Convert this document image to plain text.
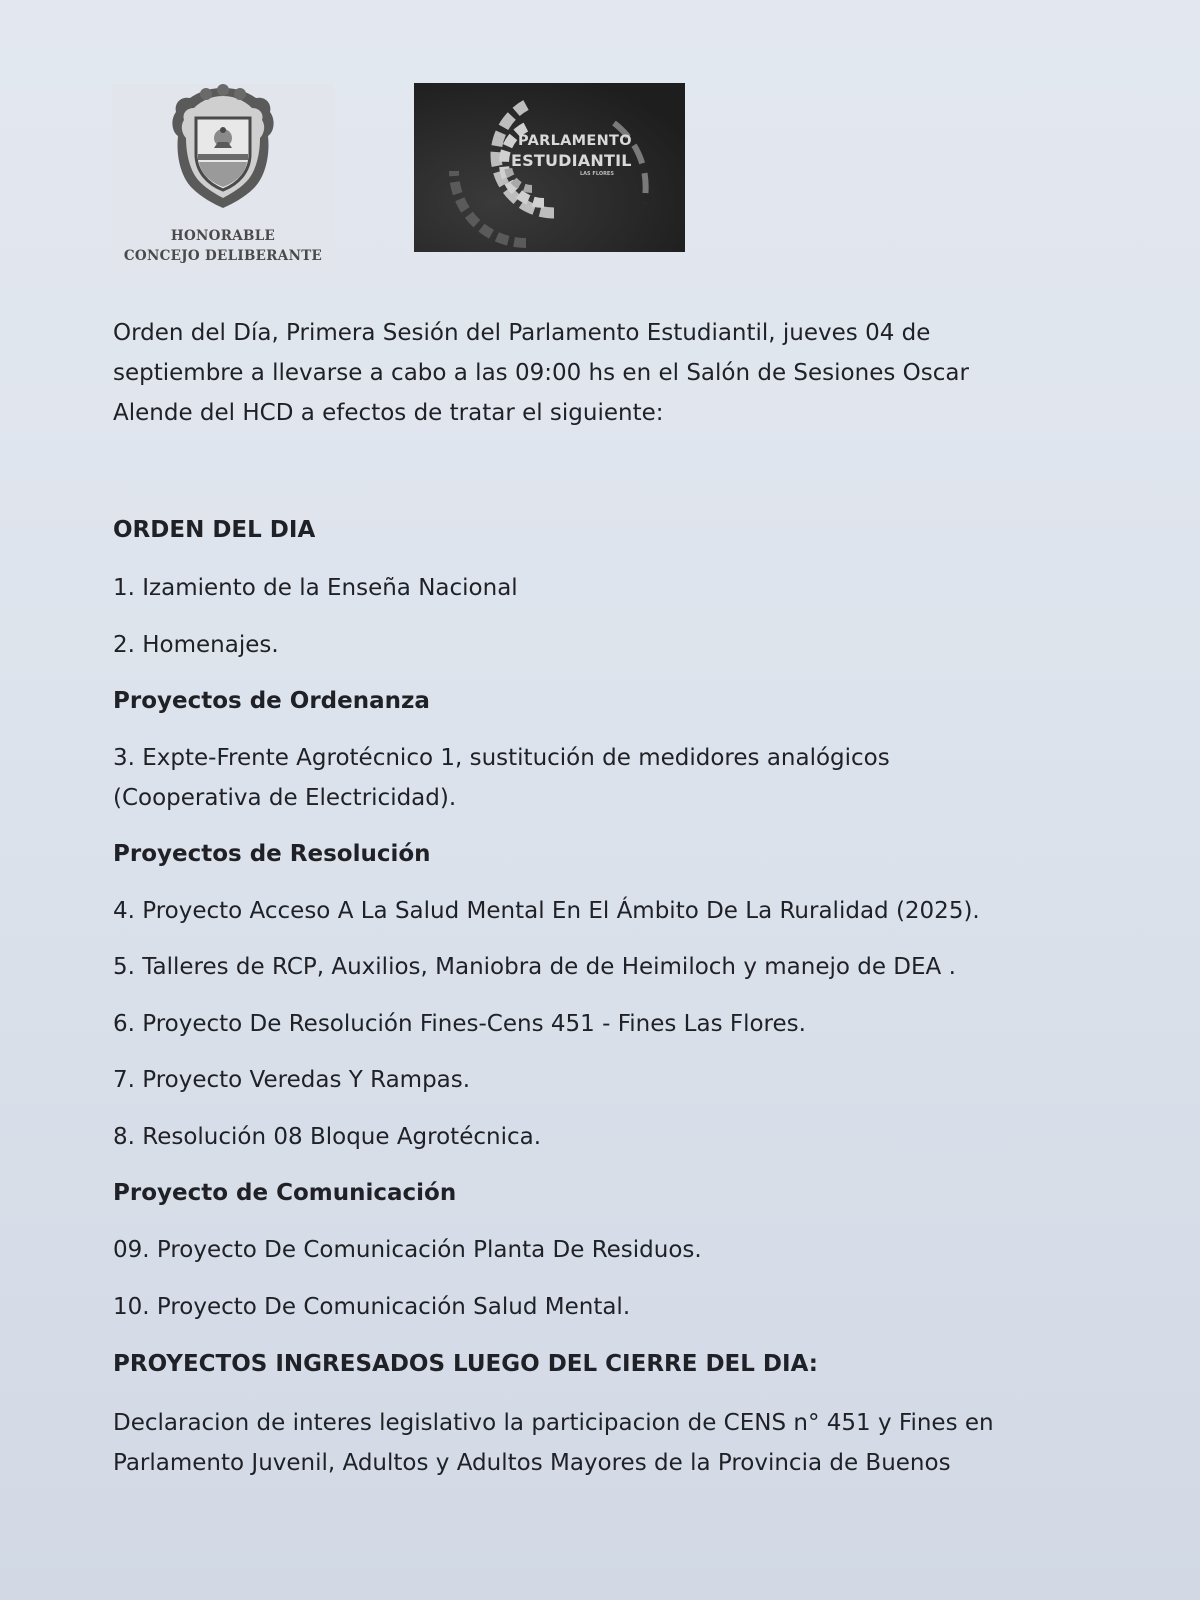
HONORABLE
CONCEJO DELIBERANTE
PARLAMENTO
ESTUDIANTIL
LAS FLORES
Orden del Día, Primera Sesión del Parlamento Estudiantil, jueves 04 de
septiembre a llevarse a cabo a las 09:00 hs en el Salón de Sesiones Oscar
Alende del HCD a efectos de tratar el siguiente:
ORDEN DEL DIA
1. Izamiento de la Enseña Nacional
2. Homenajes.
Proyectos de Ordenanza
3. Expte-Frente Agrotécnico 1, sustitución de medidores analógicos
(Cooperativa de Electricidad).
Proyectos de Resolución
4. Proyecto Acceso A La Salud Mental En El Ámbito De La Ruralidad (2025).
5. Talleres de RCP, Auxilios, Maniobra de de Heimiloch y manejo de DEA .
6. Proyecto De Resolución Fines-Cens 451 - Fines Las Flores.
7. Proyecto Veredas Y Rampas.
8. Resolución 08 Bloque Agrotécnica.
Proyecto de Comunicación
09. Proyecto De Comunicación Planta De Residuos.
10. Proyecto De Comunicación Salud Mental.
PROYECTOS INGRESADOS LUEGO DEL CIERRE DEL DIA:
Declaracion de interes legislativo la participacion de CENS n° 451 y Fines en
Parlamento Juvenil, Adultos y Adultos Mayores de la Provincia de Buenos
